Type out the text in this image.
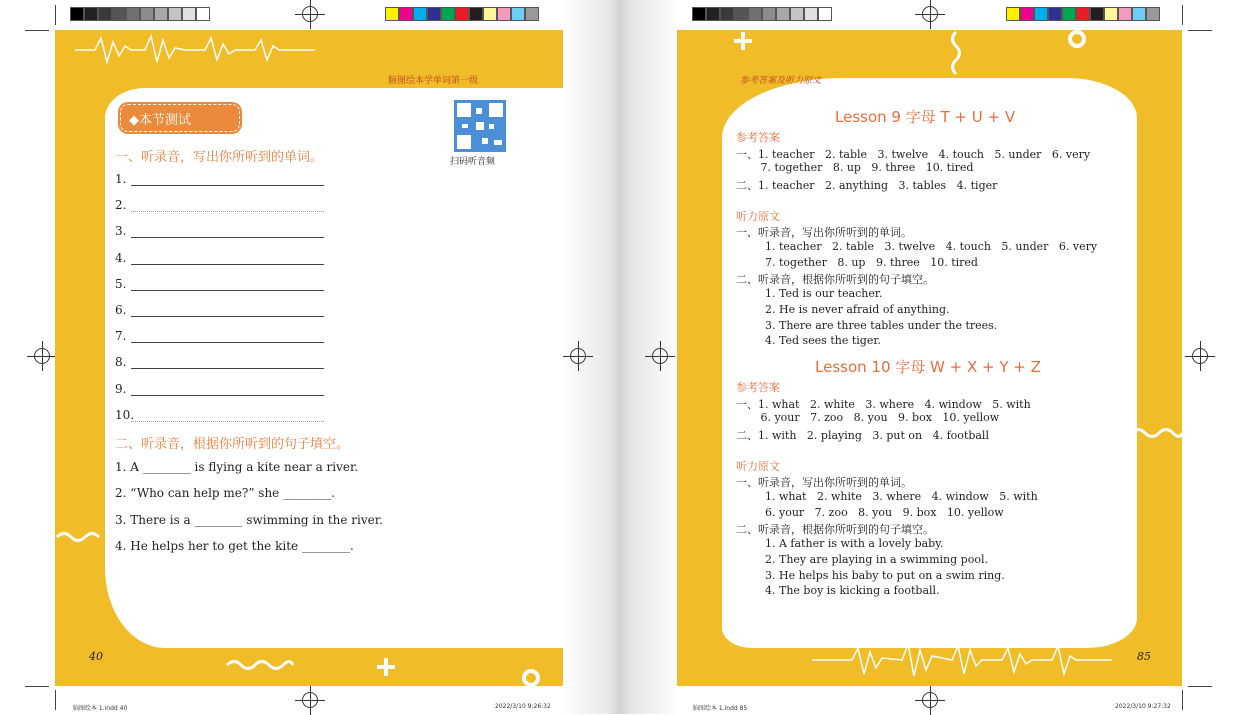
脑图绘本学单词第一级
◆本节测试
扫码听音频
一、听录音，写出你所听到的单词。
1.
2.
3.
4.
5.
6.
7.
8.
9.
10.
二、听录音，根据你所听到的句子填空。
1. A ________ is flying a kite near a river.
2. “Who can help me?” she ________.
3. There is a ________ swimming in the river.
4. He helps her to get the kite ________.
40
脑图绘本 1.indd 40	2022/3/10 9:26:32
参考答案及听力原文
Lesson 9 字母 T + U + V
参考答案
一、1. teacher   2. table   3. twelve   4. touch   5. under   6. very
7. together   8. up   9. three   10. tired
二、1. teacher   2. anything   3. tables   4. tiger
听力原文
一、听录音，写出你所听到的单词。
1. teacher   2. table   3. twelve   4. touch   5. under   6. very
7. together   8. up   9. three   10. tired
二、听录音，根据你所听到的句子填空。
1. Ted is our teacher.
2. He is never afraid of anything.
3. There are three tables under the trees.
4. Ted sees the tiger.
Lesson 10 字母 W + X + Y + Z
参考答案
一、1. what   2. white   3. where   4. window   5. with
6. your   7. zoo   8. you   9. box   10. yellow
二、1. with   2. playing   3. put on   4. football
听力原文
一、听录音，写出你所听到的单词。
1. what   2. white   3. where   4. window   5. with
6. your   7. zoo   8. you   9. box   10. yellow
二、听录音，根据你所听到的句子填空。
1. A father is with a lovely baby.
2. They are playing in a swimming pool.
3. He helps his baby to put on a swim ring.
4. The boy is kicking a football.
85
脑图绘本 1.indd 85	2022/3/10 9:27:32
